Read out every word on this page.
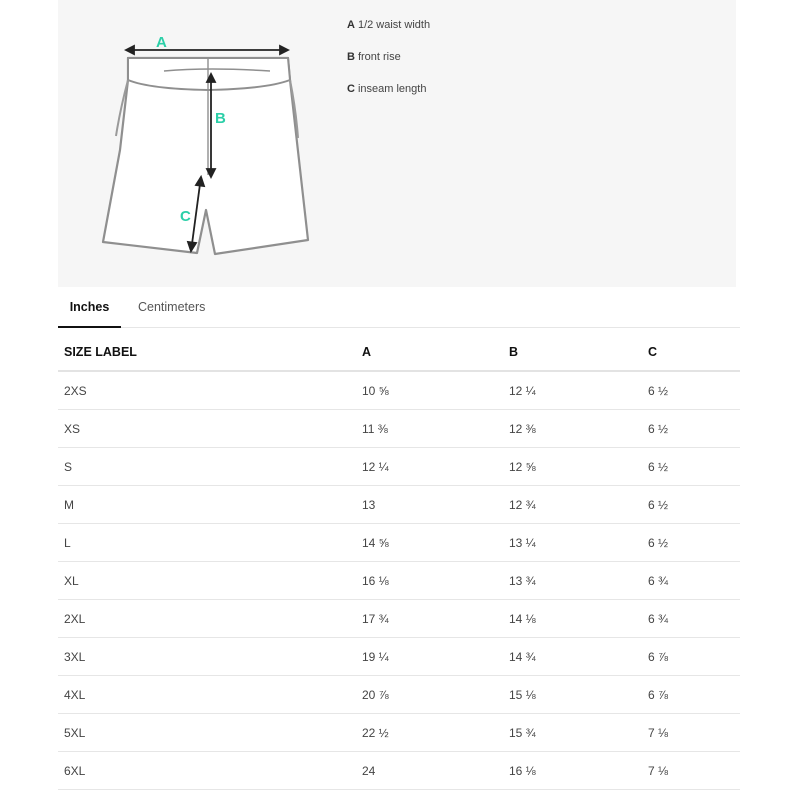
A
B
C
A 1/2 waist width
B front rise
C inseam length
Inches	Centimeters
SIZE LABEL	A	B	C
2XS	10 ⅝	12 ¼	6 ½
XS	11 ⅜	12 ⅜	6 ½
S	12 ¼	12 ⅝	6 ½
M	13	12 ¾	6 ½
L	14 ⅝	13 ¼	6 ½
XL	16 ⅛	13 ¾	6 ¾
2XL	17 ¾	14 ⅛	6 ¾
3XL	19 ¼	14 ¾	6 ⅞
4XL	20 ⅞	15 ⅛	6 ⅞
5XL	22 ½	15 ¾	7 ⅛
6XL	24	16 ⅛	7 ⅛
